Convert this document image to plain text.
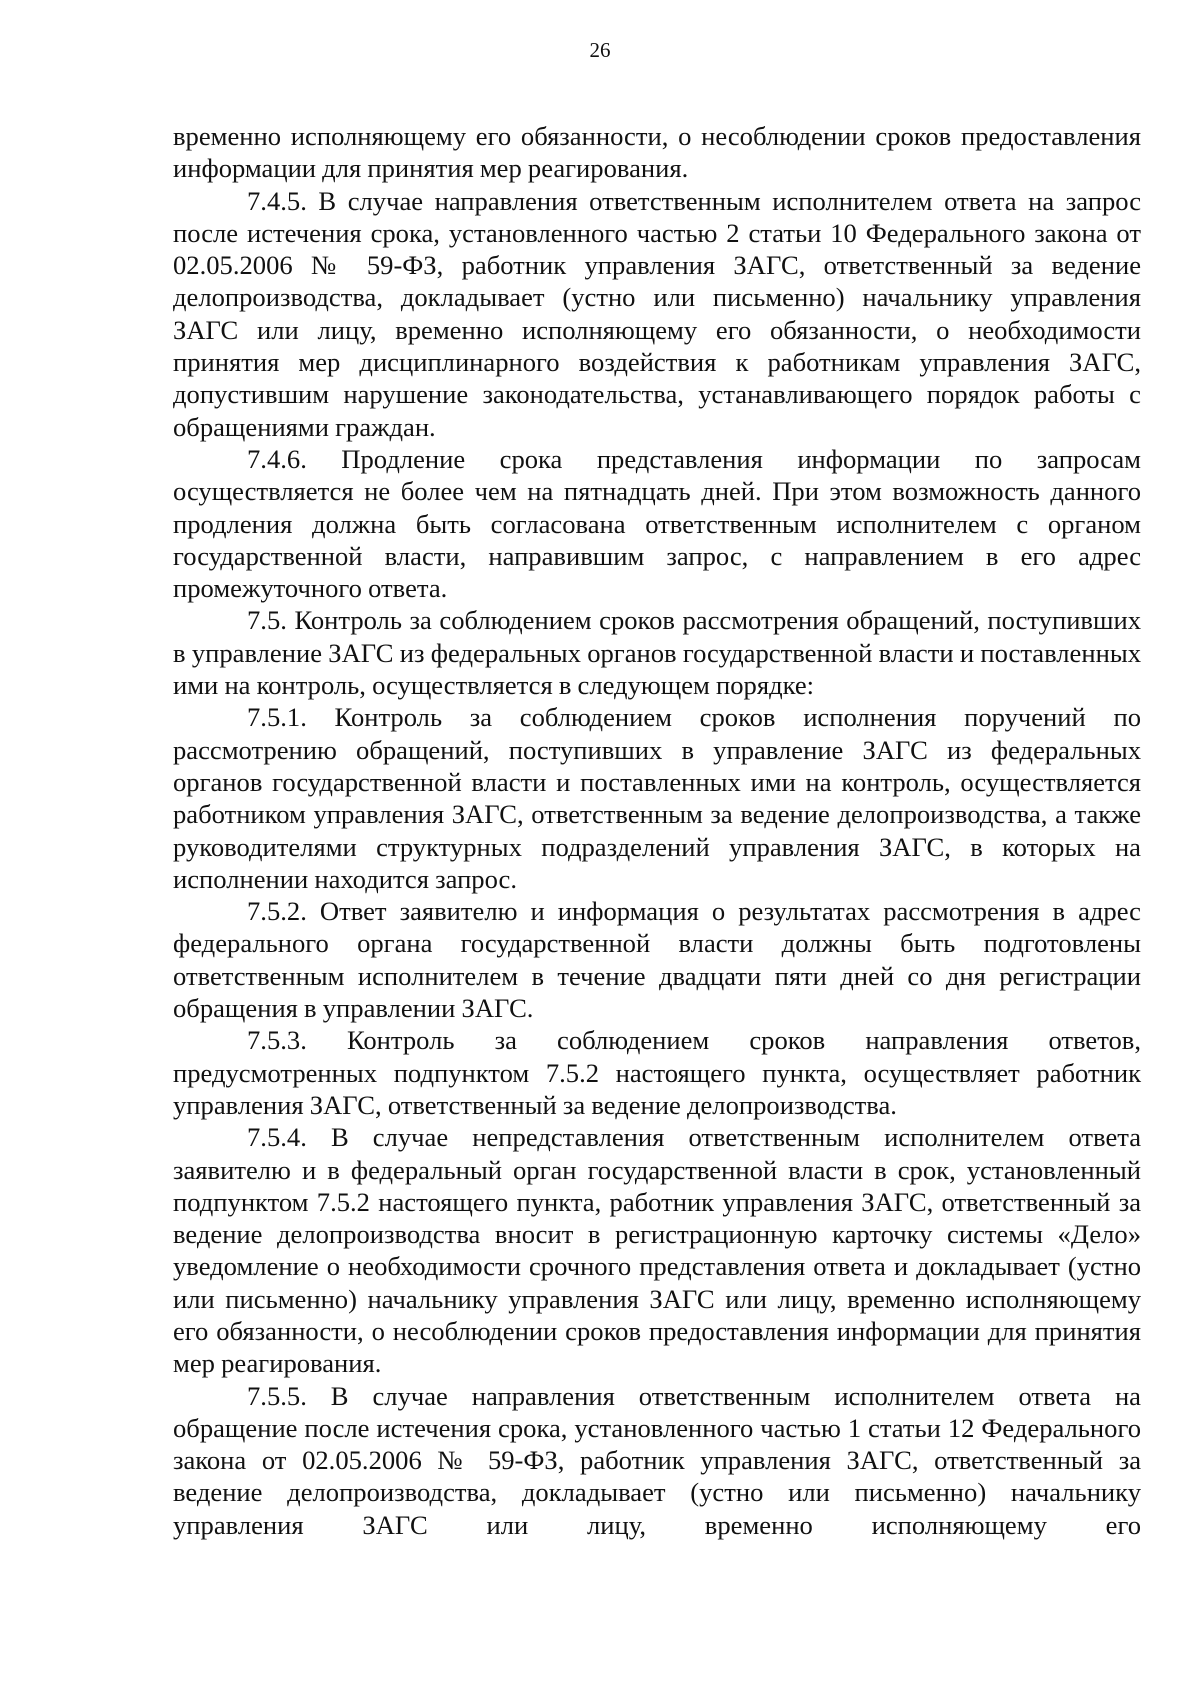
26

временно исполняющему его обязанности, о несоблюдении сроков предоставления информации для принятия мер реагирования.

7.4.5. В случае направления ответственным исполнителем ответа на запрос после истечения срока, установленного частью 2 статьи 10 Федерального закона от 02.05.2006 № 59-ФЗ, работник управления ЗАГС, ответственный за ведение делопроизводства, докладывает (устно или письменно) начальнику управления ЗАГС или лицу, временно исполняющему его обязанности, о необходимости принятия мер дисциплинарного воздействия к работникам управления ЗАГС, допустившим нарушение законодательства, устанавливающего порядок работы с обращениями граждан.

7.4.6. Продление срока представления информации по запросам осуществляется не более чем на пятнадцать дней. При этом возможность данного продления должна быть согласована ответственным исполнителем с органом государственной власти, направившим запрос, с направлением в его адрес промежуточного ответа.

7.5. Контроль за соблюдением сроков рассмотрения обращений, поступивших в управление ЗАГС из федеральных органов государственной власти и поставленных ими на контроль, осуществляется в следующем порядке:

7.5.1. Контроль за соблюдением сроков исполнения поручений по рассмотрению обращений, поступивших в управление ЗАГС из федеральных органов государственной власти и поставленных ими на контроль, осуществляется работником управления ЗАГС, ответственным за ведение делопроизводства, а также руководителями структурных подразделений управления ЗАГС, в которых на исполнении находится запрос.

7.5.2. Ответ заявителю и информация о результатах рассмотрения в адрес федерального органа государственной власти должны быть подготовлены ответственным исполнителем в течение двадцати пяти дней со дня регистрации обращения в управлении ЗАГС.

7.5.3. Контроль за соблюдением сроков направления ответов, предусмотренных подпунктом 7.5.2 настоящего пункта, осуществляет работник управления ЗАГС, ответственный за ведение делопроизводства.

7.5.4. В случае непредставления ответственным исполнителем ответа заявителю и в федеральный орган государственной власти в срок, установленный подпунктом 7.5.2 настоящего пункта, работник управления ЗАГС, ответственный за ведение делопроизводства вносит в регистрационную карточку системы «Дело» уведомление о необходимости срочного представления ответа и докладывает (устно или письменно) начальнику управления ЗАГС или лицу, временно исполняющему его обязанности, о несоблюдении сроков предоставления информации для принятия мер реагирования.

7.5.5. В случае направления ответственным исполнителем ответа на обращение после истечения срока, установленного частью 1 статьи 12 Федерального закона от 02.05.2006 № 59-ФЗ, работник управления ЗАГС, ответственный за ведение делопроизводства, докладывает (устно или письменно) начальнику управления ЗАГС или лицу, временно исполняющему его
